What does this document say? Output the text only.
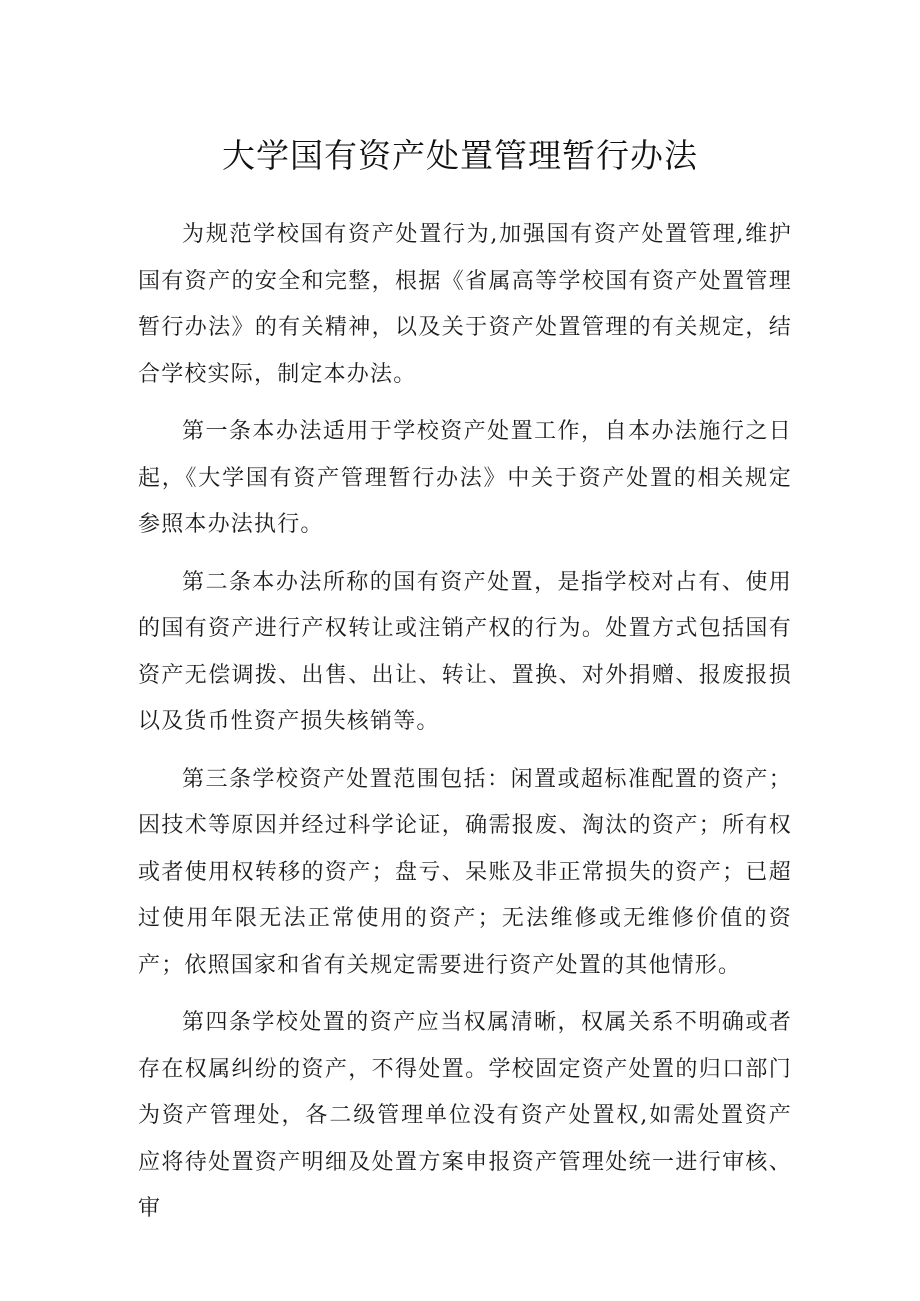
大学国有资产处置管理暂行办法

为规范学校国有资产处置行为,加强国有资产处置管理,维护国有资产的安全和完整，根据《省属高等学校国有资产处置管理暂行办法》的有关精神，以及关于资产处置管理的有关规定，结合学校实际，制定本办法。

第一条本办法适用于学校资产处置工作，自本办法施行之日起，《大学国有资产管理暂行办法》中关于资产处置的相关规定参照本办法执行。

第二条本办法所称的国有资产处置，是指学校对占有、使用的国有资产进行产权转让或注销产权的行为。处置方式包括国有资产无偿调拨、出售、出让、转让、置换、对外捐赠、报废报损以及货币性资产损失核销等。

第三条学校资产处置范围包括：闲置或超标准配置的资产；因技术等原因并经过科学论证，确需报废、淘汰的资产；所有权或者使用权转移的资产；盘亏、呆账及非正常损失的资产；已超过使用年限无法正常使用的资产；无法维修或无维修价值的资产；依照国家和省有关规定需要进行资产处置的其他情形。

第四条学校处置的资产应当权属清晰，权属关系不明确或者存在权属纠纷的资产，不得处置。学校固定资产处置的归口部门为资产管理处，各二级管理单位没有资产处置权,如需处置资产应将待处置资产明细及处置方案申报资产管理处统一进行审核、审
